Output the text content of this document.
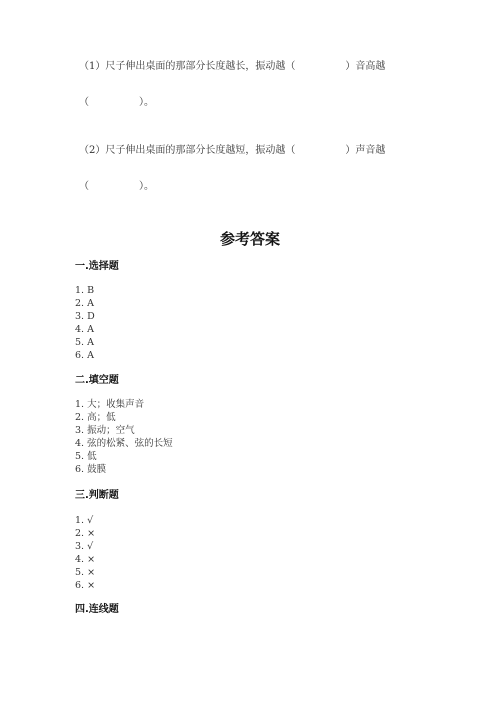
（1）尺子伸出桌面的那部分长度越长，振动越（　　　　　）音高越
（　　　　　）。
（2）尺子伸出桌面的那部分长度越短，振动越（　　　　　）声音越
（　　　　　）。
参考答案
一.选择题
1. B
2. A
3. D
4. A
5. A
6. A
二.填空题
1. 大；收集声音
2. 高；低
3. 振动；空气
4. 弦的松紧、弦的长短
5. 低
6. 鼓膜
三.判断题
1. √
2. ×
3. √
4. ×
5. ×
6. ×
四.连线题
